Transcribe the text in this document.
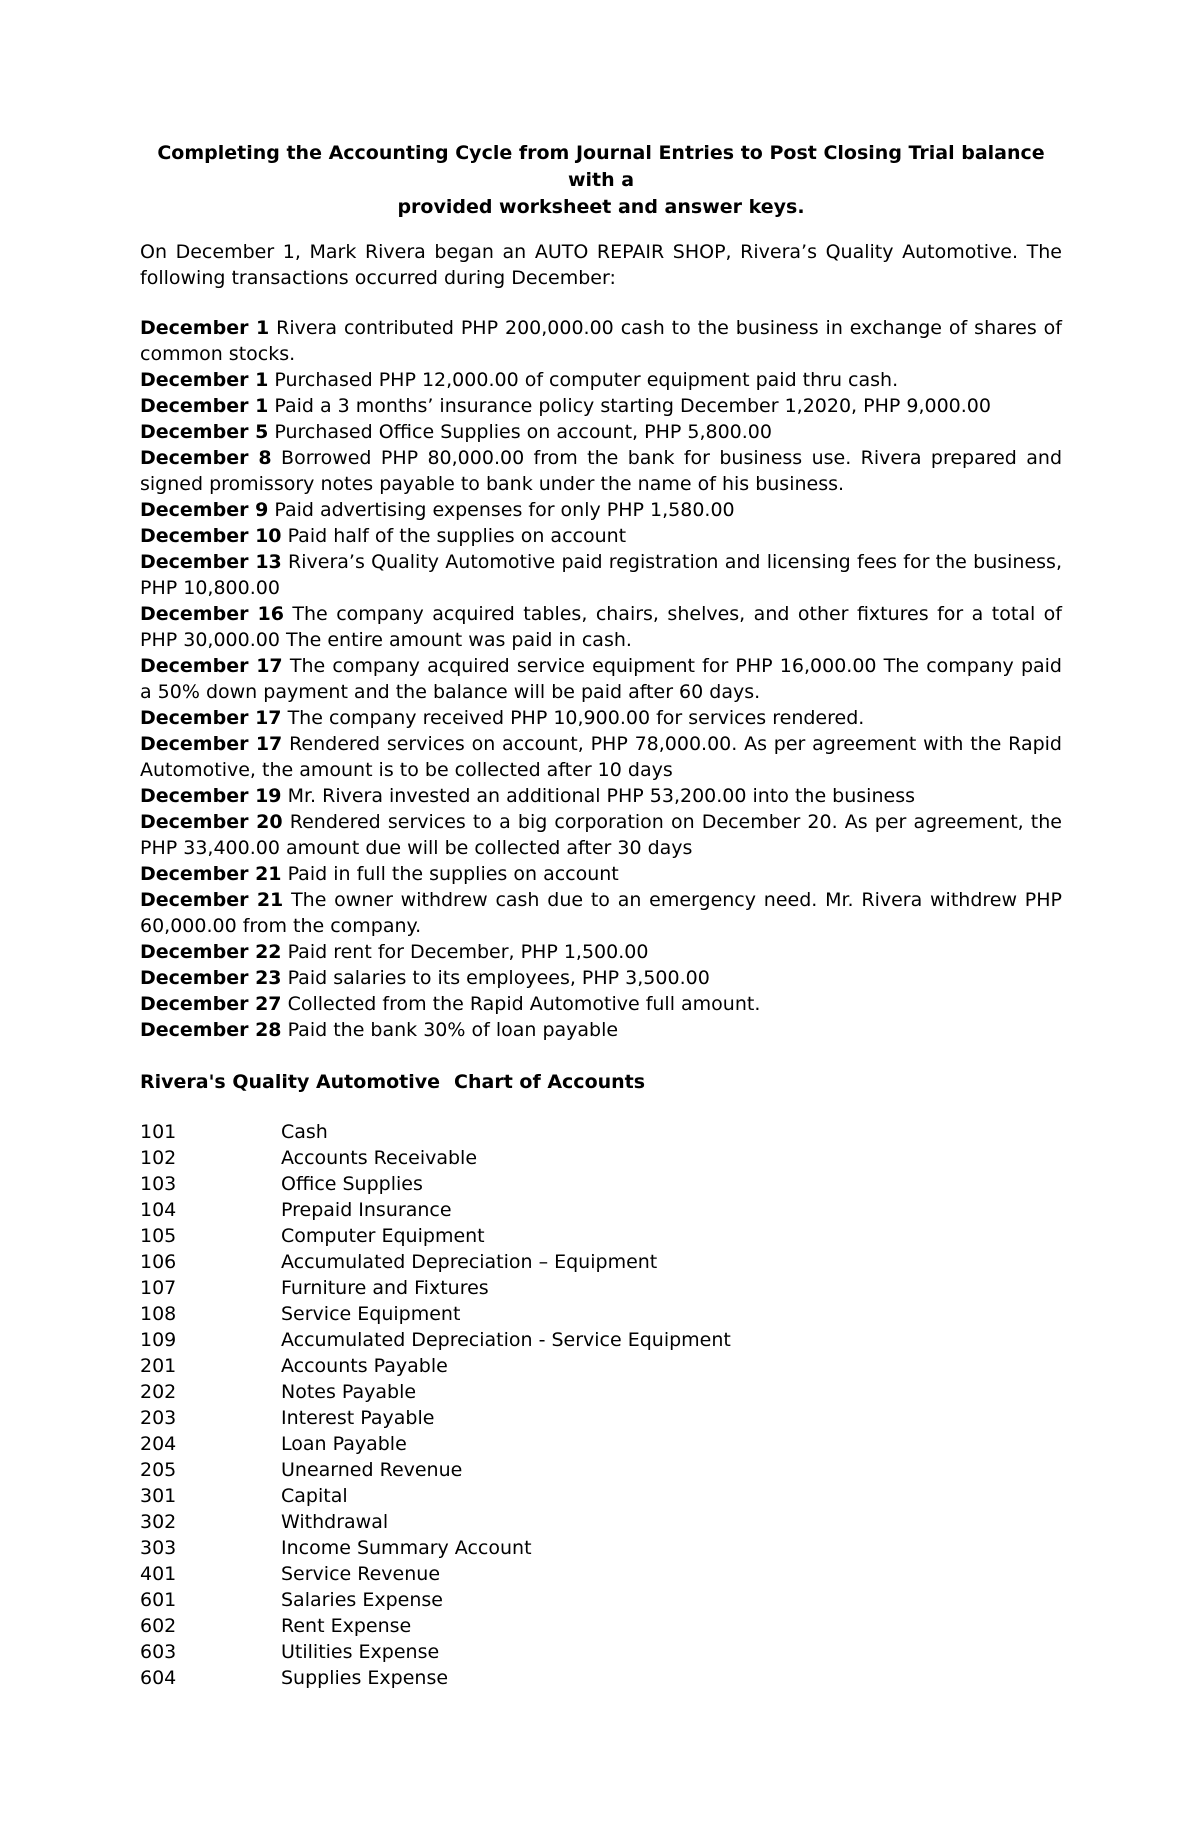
Completing the Accounting Cycle from Journal Entries to Post Closing Trial balance with a
provided worksheet and answer keys.

On December 1, Mark Rivera began an AUTO REPAIR SHOP, Rivera’s Quality Automotive. The following transactions occurred during December:

December 1 Rivera contributed PHP 200,000.00 cash to the business in exchange of shares of common stocks.

December 1 Purchased PHP 12,000.00 of computer equipment paid thru cash.

December 1 Paid a 3 months’ insurance policy starting December 1,2020, PHP 9,000.00

December 5 Purchased Office Supplies on account, PHP 5,800.00

December 8 Borrowed PHP 80,000.00 from the bank for business use. Rivera prepared and signed promissory notes payable to bank under the name of his business.

December 9 Paid advertising expenses for only PHP 1,580.00

December 10 Paid half of the supplies on account

December 13 Rivera’s Quality Automotive paid registration and licensing fees for the business, PHP 10,800.00

December 16 The company acquired tables, chairs, shelves, and other fixtures for a total of PHP 30,000.00 The entire amount was paid in cash.

December 17 The company acquired service equipment for PHP 16,000.00 The company paid a 50% down payment and the balance will be paid after 60 days.

December 17 The company received PHP 10,900.00 for services rendered.

December 17 Rendered services on account, PHP 78,000.00. As per agreement with the Rapid Automotive, the amount is to be collected after 10 days

December 19 Mr. Rivera invested an additional PHP 53,200.00 into the business

December 20 Rendered services to a big corporation on December 20. As per agreement, the PHP 33,400.00 amount due will be collected after 30 days

December 21 Paid in full the supplies on account

December 21 The owner withdrew cash due to an emergency need. Mr. Rivera withdrew PHP 60,000.00 from the company.

December 22 Paid rent for December, PHP 1,500.00

December 23 Paid salaries to its employees, PHP 3,500.00

December 27 Collected from the Rapid Automotive full amount.

December 28 Paid the bank 30% of loan payable

Rivera's Quality Automotive Chart of Accounts
101	Cash
102	Accounts Receivable
103	Office Supplies
104	Prepaid Insurance
105	Computer Equipment
106	Accumulated Depreciation – Equipment
107	Furniture and Fixtures
108	Service Equipment
109	Accumulated Depreciation - Service Equipment
201	Accounts Payable
202	Notes Payable
203	Interest Payable
204	Loan Payable
205	Unearned Revenue
301	Capital
302	Withdrawal
303	Income Summary Account
401	Service Revenue
601	Salaries Expense
602	Rent Expense
603	Utilities Expense
604	Supplies Expense
